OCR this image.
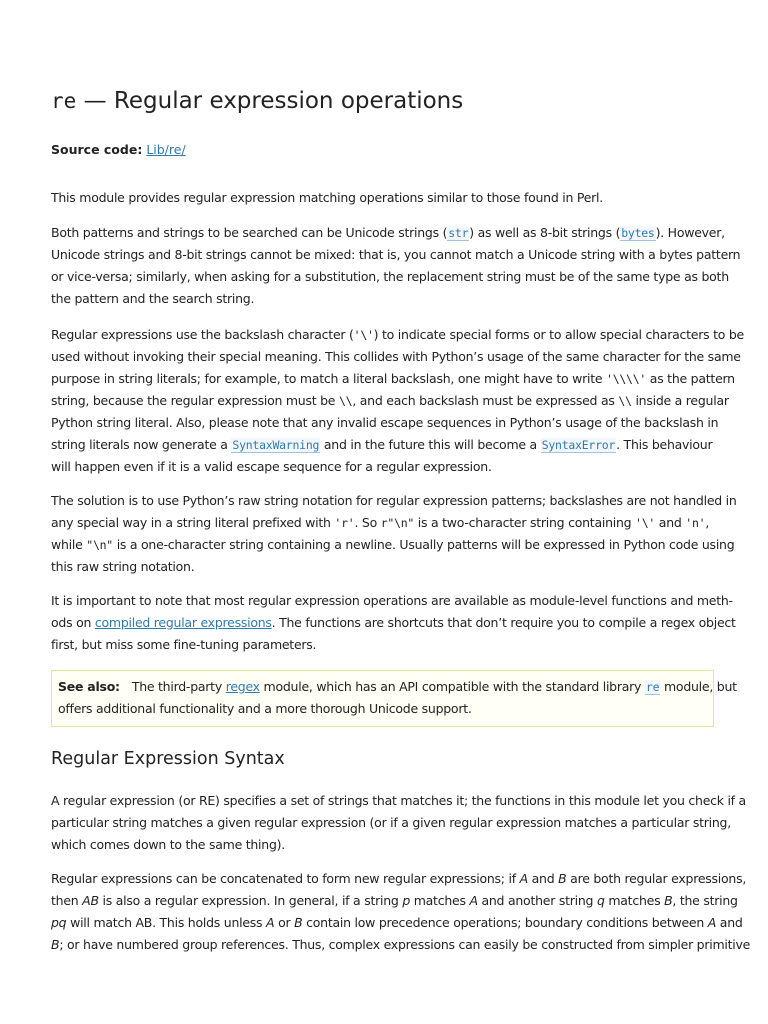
re — Regular expression operations
Source code: Lib/re/

This module provides regular expression matching operations similar to those found in Perl.

Both patterns and strings to be searched can be Unicode strings (str) as well as 8-bit strings (bytes). However,
Unicode strings and 8-bit strings cannot be mixed: that is, you cannot match a Unicode string with a bytes pattern
or vice-versa; similarly, when asking for a substitution, the replacement string must be of the same type as both
the pattern and the search string.

Regular expressions use the backslash character ('\') to indicate special forms or to allow special characters to be
used without invoking their special meaning. This collides with Python’s usage of the same character for the same
purpose in string literals; for example, to match a literal backslash, one might have to write '\\\\' as the pattern
string, because the regular expression must be \\, and each backslash must be expressed as \\ inside a regular
Python string literal. Also, please note that any invalid escape sequences in Python’s usage of the backslash in
string literals now generate a SyntaxWarning and in the future this will become a SyntaxError. This behaviour
will happen even if it is a valid escape sequence for a regular expression.

The solution is to use Python’s raw string notation for regular expression patterns; backslashes are not handled in
any special way in a string literal prefixed with 'r'. So r"\n" is a two-character string containing '\' and 'n',
while "\n" is a one-character string containing a newline. Usually patterns will be expressed in Python code using
this raw string notation.

It is important to note that most regular expression operations are available as module-level functions and meth-
ods on compiled regular expressions. The functions are shortcuts that don’t require you to compile a regex object
first, but miss some fine-tuning parameters.

See also: The third-party regex module, which has an API compatible with the standard library re module, but
offers additional functionality and a more thorough Unicode support.
Regular Expression Syntax

A regular expression (or RE) specifies a set of strings that matches it; the functions in this module let you check if a
particular string matches a given regular expression (or if a given regular expression matches a particular string,
which comes down to the same thing).

Regular expressions can be concatenated to form new regular expressions; if A and B are both regular expressions,
then AB is also a regular expression. In general, if a string p matches A and another string q matches B, the string
pq will match AB. This holds unless A or B contain low precedence operations; boundary conditions between A and
B; or have numbered group references. Thus, complex expressions can easily be constructed from simpler primitive
